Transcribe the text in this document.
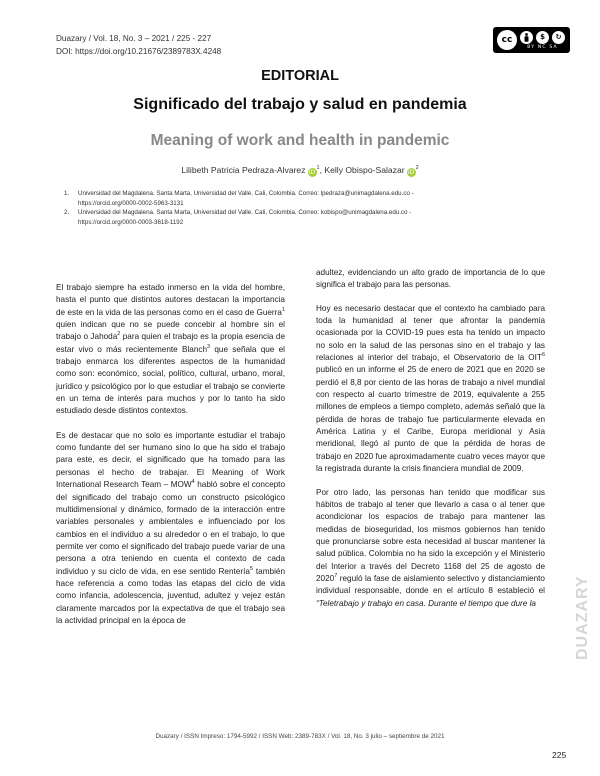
Duazary / Vol. 18, No. 3 – 2021 / 225 - 227
DOI: https://doi.org/10.21676/2389783X.4248
cc	$	↻
BY NC SA
EDITORIAL
Significado del trabajo y salud en pandemia
Meaning of work and health in pandemic
Lilibeth Patricia Pedraza-Alvarez $iD^1$, Kelly Obispo-Salazar $iD^2$
1. Universidad del Magdalena. Santa Marta, Universidad del Valle. Cali, Colombia. Correo: lpedraza@unimagdalena.edu.co -
https://orcid.org/0000-0002-5963-3131
2. Universidad del Magdalena. Santa Marta, Universidad del Valle. Cali, Colombia. Correo: kobispo@unimagdalena.edu.co -
https://orcid.org/0000-0003-3618-1192

El trabajo siempre ha estado inmerso en la vida del hombre, hasta el punto que distintos autores destacan la importancia de este en la vida de las personas como en el caso de Guerra$^1$ quien indican que no se puede concebir al hombre sin el trabajo o Jahoda$^2$ para quien el trabajo es la propia esencia de estar vivo o más recientemente Blanch$^3$ que señala que el trabajo enmarca los diferentes aspectos de la humanidad como son: económico, social, político, cultural, urbano, moral, jurídico y psicológico por lo que estudiar el trabajo se convierte en un tema de interés para muchos y por lo tanto ha sido estudiado desde distintos contextos.

Es de destacar que no solo es importante estudiar el trabajo como fundante del ser humano sino lo que ha sido el trabajo para este, es decir, el significado que ha tomado para las personas el hecho de trabajar. El Meaning of Work International Research Team – MOW$^4$ habló sobre el concepto del significado del trabajo como un constructo psicológico multidimensional y dinámico, formado de la interacción entre variables personales y ambientales e influenciado por los cambios en el individuo a su alrededor o en el trabajo, lo que permite ver como el significado del trabajo puede variar de una persona a otra teniendo en cuenta el contexto de cada individuo y su ciclo de vida, en ese sentido Rentería$^5$ también hace referencia a como todas las etapas del ciclo de vida como infancia, adolescencia, juventud, adultez y vejez están claramente marcados por la expectativa de que el trabajo sea la actividad principal en la época de

adultez, evidenciando un alto grado de importancia de lo que significa el trabajo para las personas.

Hoy es necesario destacar que el contexto ha cambiado para toda la humanidad al tener que afrontar la pandemia ocasionada por la COVID-19 pues esta ha tenido un impacto no solo en la salud de las personas sino en el trabajo y las relaciones al interior del trabajo, el Observatorio de la OIT$^6$ publicó en un informe el 25 de enero de 2021 que en 2020 se perdió el 8,8 por ciento de las horas de trabajo a nivel mundial con respecto al cuarto trimestre de 2019, equivalente a 255 millones de empleos a tiempo completo, además señaló que la pérdida de horas de trabajo fue particularmente elevada en América Latina y el Caribe, Europa meridional y Asia meridional, llegó al punto de que la pérdida de horas de trabajo en 2020 fue aproximadamente cuatro veces mayor que la registrada durante la crisis financiera mundial de 2009.

Por otro lado, las personas han tenido que modificar sus hábitos de trabajo al tener que llevarlo a casa o al tener que acondicionar los espacios de trabajo para mantener las medidas de bioseguridad, los mismos gobiernos han tenido que pronunciarse sobre esta necesidad al buscar mantener la salud pública. Colombia no ha sido la excepción y el Ministerio del Interior a través del Decreto 1168 del 25 de agosto de 2020$^7$ reguló la fase de aislamiento selectivo y distanciamiento individual responsable, donde en el artículo 8 estableció el “Teletrabajo y trabajo en casa. Durante el tiempo que dure la	DUAZARY
Duazary / ISSN Impreso: 1794-5992 / ISSN Web: 2389-783X / Vol. 18, No. 3 julio – septiembre de 2021
225
